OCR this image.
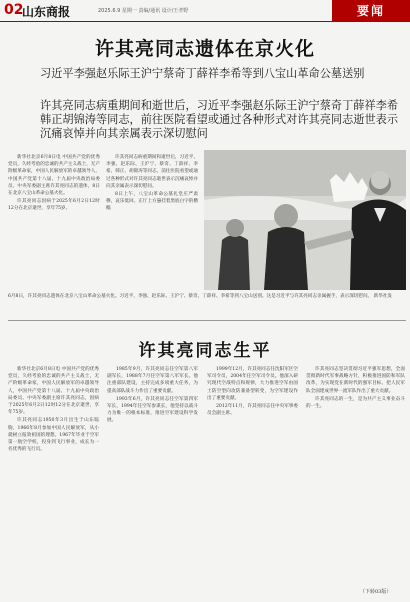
02
山东商报	2025.6.9 星期一 责编/通讯 设计/王孝野	要闻
许其亮同志遗体在京火化
习近平李强赵乐际王沪宁蔡奇丁薛祥李希等到八宝山革命公墓送别
许其亮同志病重期间和逝世后，习近平李强赵乐际王沪宁蔡奇丁薛祥李希韩正胡锦涛等同志，前往医院看望或通过各种形式对许其亮同志逝世表示沉痛哀悼并向其亲属表示深切慰问

新华社北京6月8日电 中国共产党的优秀党员，久经考验的忠诚的共产主义战士，无产阶级革命家，中国人民解放军的卓越领导人，中国共产党第十八届、十九届中央政治局委员、中央军委副主席许其亮同志的遗体，8日在北京八宝山革命公墓火化。

许其亮同志因病于2025年6月2日12时12分在北京逝世，享年75岁。

许其亮同志病重期间和逝世后，习近平、李强、赵乐际、王沪宁、蔡奇、丁薛祥、李希、韩正、胡锦涛等同志，前往医院看望或通过各种形式对许其亮同志逝世表示沉痛哀悼并向其亲属表示深切慰问。

8日上午，八宝山革命公墓礼堂庄严肃穆，哀乐低回。正厅上方悬挂着黑底白字的横幅

6月8日，许其亮同志遗体在北京八宝山革命公墓火化。习近平、李强、赵乐际、王沪宁、蔡奇、丁薛祥、李希等到八宝山送别。这是习近平与许其亮同志亲属握手，表示深切慰问。 新华社发
许其亮同志生平

新华社北京6月8日电 中国共产党的优秀党员，久经考验的忠诚的共产主义战士，无产阶级革命家，中国人民解放军的卓越领导人，中国共产党第十八届、十九届中央政治局委员、中央军委副主席许其亮同志，因病于2025年6月2日12时12分在北京逝世，享年75岁。

许其亮同志1950年3月出生于山东临朐，1966年8月参加中国人民解放军，从小就树立报效祖国的理想。1967年毕业于空军第一航空学校，投身到飞行事业，成长为一名优秀的飞行员。

1985年9月，许其亮同志任空军第八军副军长，1988年7月任空军第八军军长。他注重部队建设，主持完成多项重大任务，为提高部队战斗力作出了重要贡献。

1993年6月，许其亮同志任空军第四军军长，1994年任空军参谋长，他坚持以战斗力为唯一的根本标准，推进空军建设科学发展。

1999年12月，许其亮同志任沈阳军区空军司令员，2004年任空军司令员。他深入研究现代空战特点和规律，大力推进空军由国土防空型向攻防兼备型转变，为空军建设作出了重要贡献。

2012年11月，许其亮同志任中央军事委员会副主席。

许其亮同志坚决贯彻习近平强军思想，全面贯彻新时代军事战略方针，积极推进国防和军队改革，为实现党在新时代的强军目标、把人民军队全面建成世界一流军队作出了重大贡献。

许其亮同志的一生，是为共产主义事业奋斗的一生。

（下转03版）
